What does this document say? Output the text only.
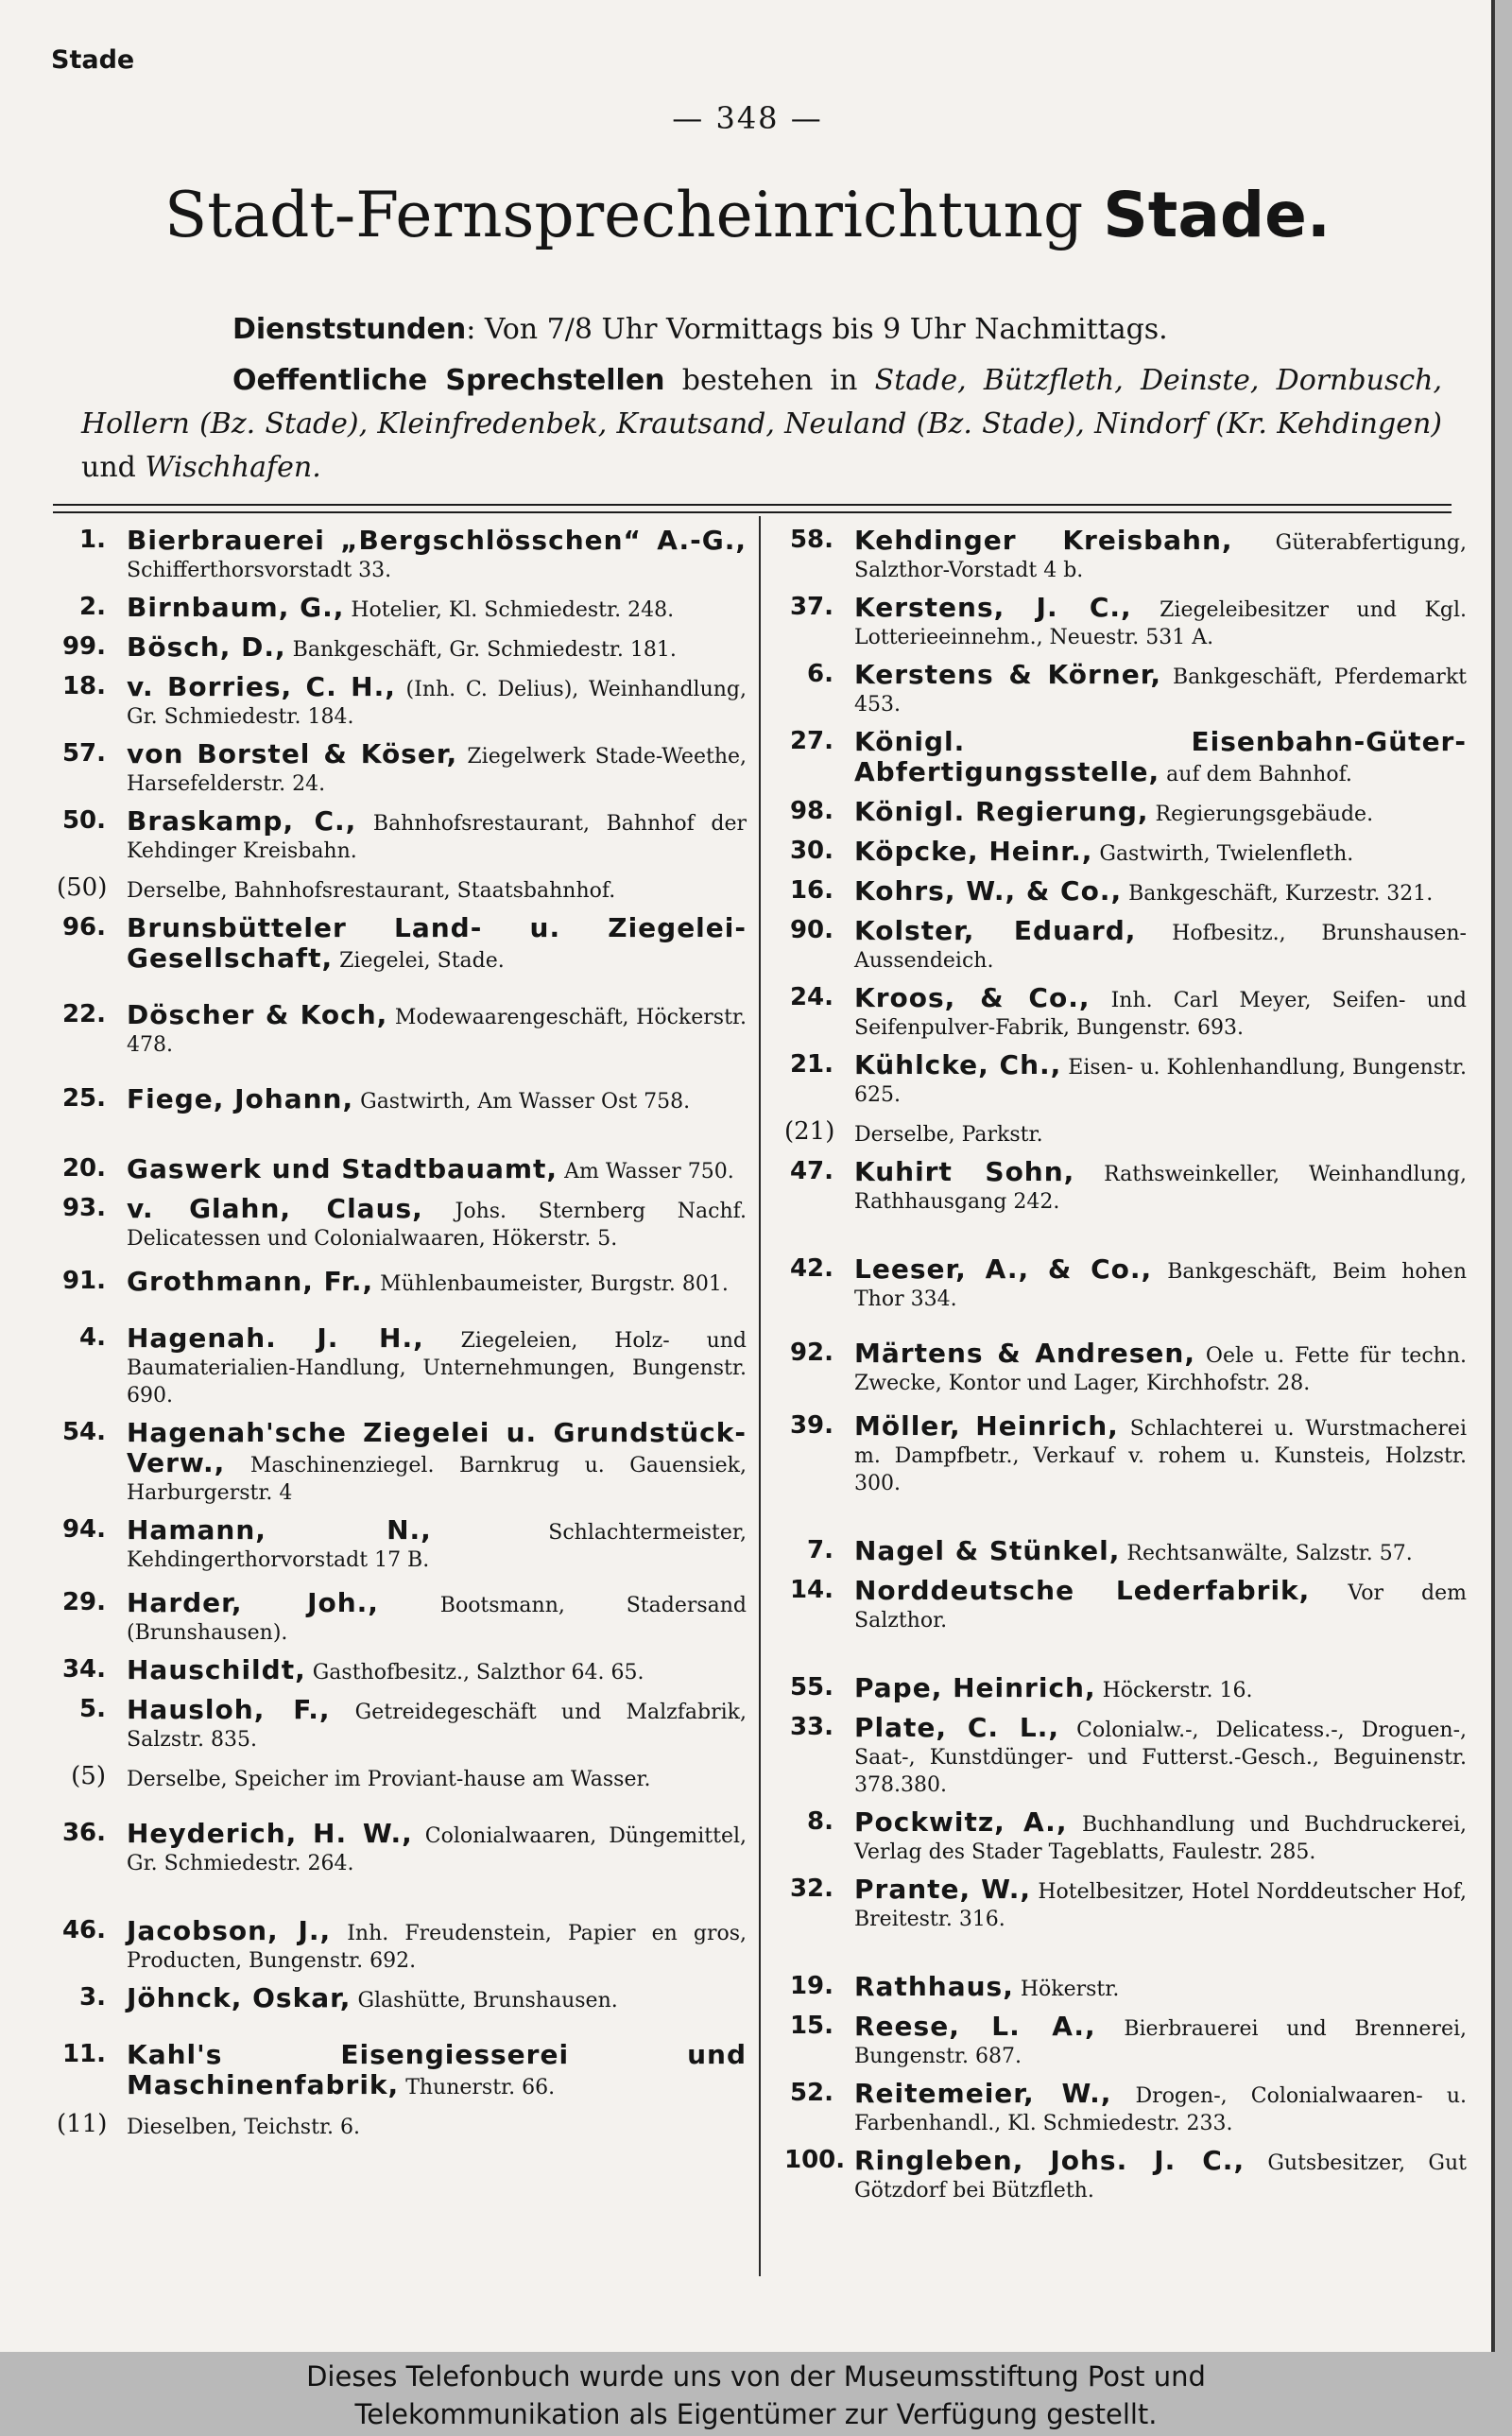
Stade
— 348 —
Stadt-Fernsprecheinrichtung Stade.
Dienststunden: Von 7/8 Uhr Vormittags bis 9 Uhr Nachmittags.
Oeffentliche Sprechstellen bestehen in Stade, Bützfleth, Deinste, Dornbusch, Hollern (Bz. Stade), Kleinfredenbek, Krautsand, Neuland (Bz. Stade), Nindorf (Kr. Kehdingen) und Wischhafen.
1. Bierbrauerei „Bergschlösschen“ A.-G., Schifferthorsvorstadt 33.
2. Birnbaum, G., Hotelier, Kl. Schmiedestr. 248.
99. Bösch, D., Bankgeschäft, Gr. Schmiedestr. 181.
18. v. Borries, C. H., (Inh. C. Delius), Weinhandlung, Gr. Schmiedestr. 184.
57. von Borstel & Köser, Ziegelwerk Stade-Weethe, Harsefelderstr. 24.
50. Braskamp, C., Bahnhofsrestaurant, Bahnhof der Kehdinger Kreisbahn.
(50) Derselbe, Bahnhofsrestaurant, Staatsbahnhof.
96. Brunsbütteler Land- u. Ziegelei-Gesellschaft, Ziegelei, Stade.
22. Döscher & Koch, Modewaarengeschäft, Höckerstr. 478.
25. Fiege, Johann, Gastwirth, Am Wasser Ost 758.
20. Gaswerk und Stadtbauamt, Am Wasser 750.
93. v. Glahn, Claus, Johs. Sternberg Nachf. Delicatessen und Colonialwaaren, Hökerstr. 5.
91. Grothmann, Fr., Mühlenbaumeister, Burgstr. 801.
4. Hagenah. J. H., Ziegeleien, Holz- und Baumaterialien-Handlung, Unternehmungen, Bungenstr. 690.
54. Hagenah'sche Ziegelei u. Grundstück-Verw., Maschinenziegel. Barnkrug u. Gauensiek, Harburgerstr. 4
94. Hamann, N., Schlachtermeister, Kehdingerthorvorstadt 17 B.
29. Harder, Joh., Bootsmann, Stadersand (Brunshausen).
34. Hauschildt, Gasthofbesitz., Salzthor 64. 65.
5. Hausloh, F., Getreidegeschäft und Malzfabrik, Salzstr. 835.
(5)	Derselbe, Speicher im Proviant-hause am Wasser.
36. Heyderich, H. W., Colonialwaaren, Düngemittel, Gr. Schmiedestr. 264.
46. Jacobson, J., Inh. Freudenstein, Papier en gros, Producten, Bungenstr. 692.
3. Jöhnck, Oskar, Glashütte, Brunshausen.
11. Kahl's Eisengiesserei und Maschinenfabrik, Thunerstr. 66.
(11) Dieselben, Teichstr. 6.
58. Kehdinger Kreisbahn, Güterabfertigung, Salzthor-Vorstadt 4 b.
37. Kerstens, J. C., Ziegeleibesitzer und Kgl. Lotterieeinnehm., Neuestr. 531 A.
6. Kerstens & Körner, Bankgeschäft, Pferdemarkt 453.
27. Königl. Eisenbahn-Güter-Abfertigungsstelle, auf dem Bahnhof.
98. Königl. Regierung, Regierungsgebäude.
30. Köpcke, Heinr., Gastwirth, Twielenfleth.
16. Kohrs, W., & Co., Bankgeschäft, Kurzestr. 321.
90. Kolster, Eduard, Hofbesitz., Brunshausen-Aussendeich.
24. Kroos, & Co., Inh. Carl Meyer, Seifen- und Seifenpulver-Fabrik, Bungenstr. 693.
21. Kühlcke, Ch., Eisen- u. Kohlenhandlung, Bungenstr. 625.
(21) Derselbe, Parkstr.
47. Kuhirt Sohn, Rathsweinkeller, Weinhandlung, Rathhausgang 242.
42. Leeser, A., & Co., Bankgeschäft, Beim hohen Thor 334.
92. Märtens & Andresen, Oele u. Fette für techn. Zwecke, Kontor und Lager, Kirchhofstr. 28.
39. Möller, Heinrich, Schlachterei u. Wurstmacherei m. Dampfbetr., Verkauf v. rohem u. Kunsteis, Holzstr. 300.
7. Nagel & Stünkel, Rechtsanwälte, Salzstr. 57.
14. Norddeutsche Lederfabrik, Vor dem Salzthor.
55. Pape, Heinrich, Höckerstr. 16.
33. Plate, C. L., Colonialw.-, Delicatess.-, Droguen-, Saat-, Kunstdünger- und Futterst.-Gesch., Beguinenstr. 378.380.
8. Pockwitz, A., Buchhandlung und Buchdruckerei, Verlag des Stader Tageblatts, Faulestr. 285.
32. Prante, W., Hotelbesitzer, Hotel Norddeutscher Hof, Breitestr. 316.
19. Rathhaus, Hökerstr.
15. Reese, L. A., Bierbrauerei und Brennerei, Bungenstr. 687.
52. Reitemeier, W., Drogen-, Colonialwaaren- u. Farbenhandl., Kl. Schmiedestr. 233.
100. Ringleben, Johs. J. C., Gutsbesitzer, Gut Götzdorf bei Bützfleth.
Dieses Telefonbuch wurde uns von der Museumsstiftung Post und
Telekommunikation als Eigentümer zur Verfügung gestellt.
